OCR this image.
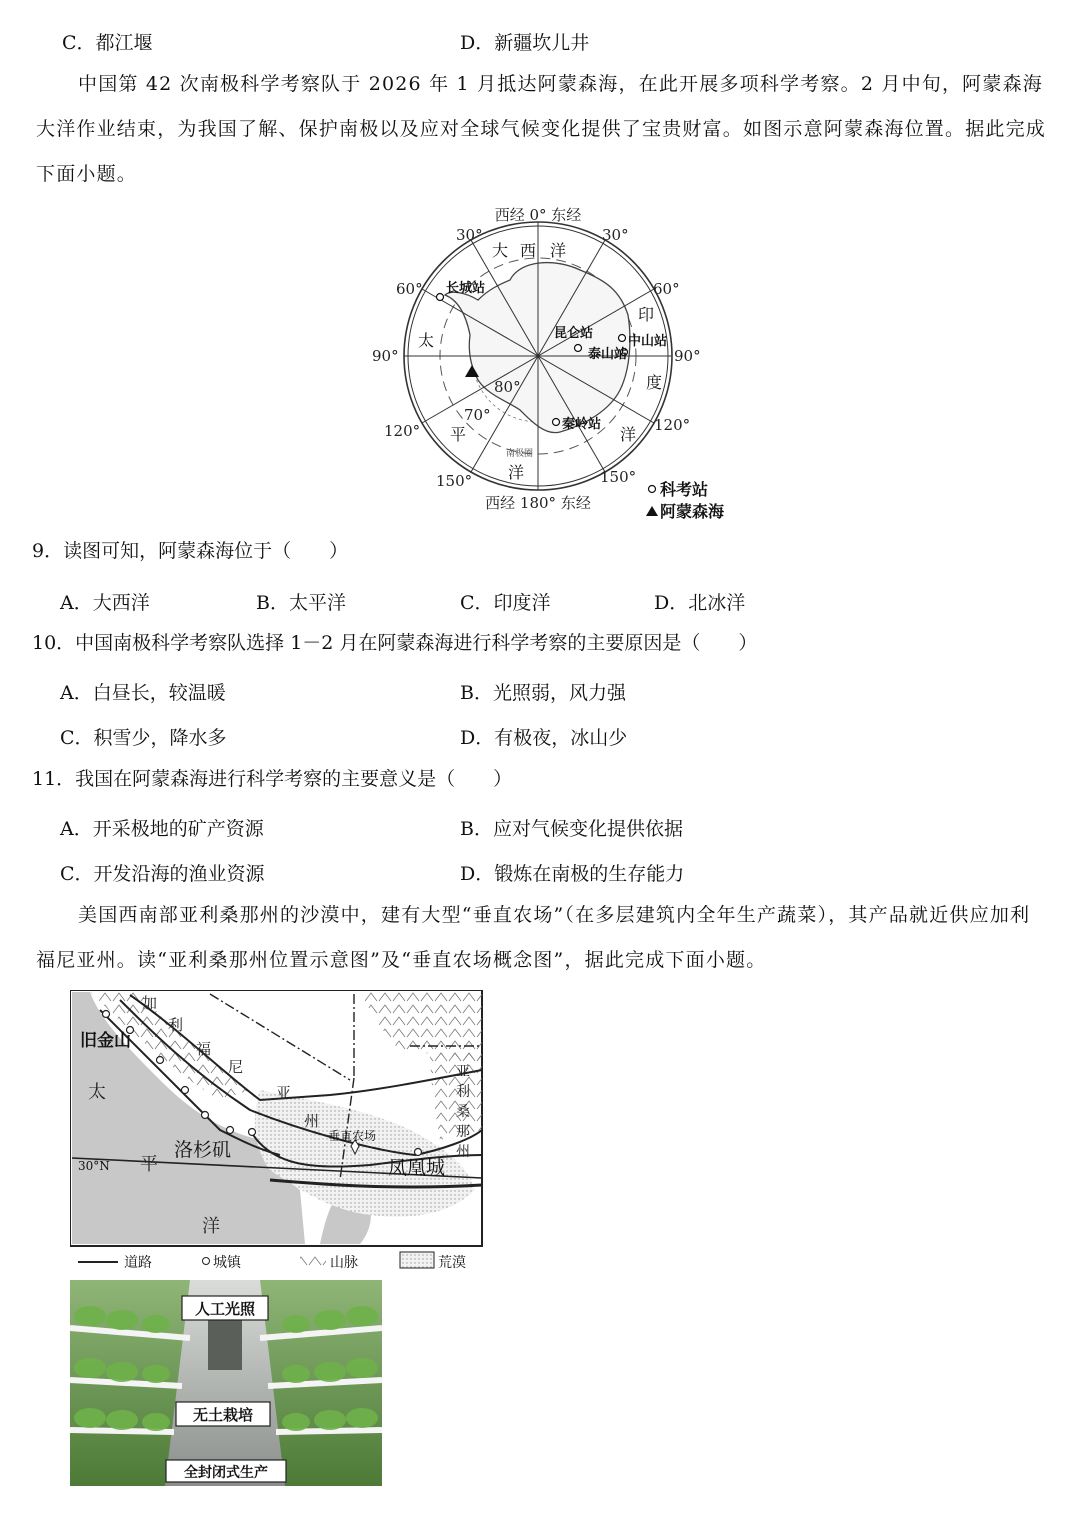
C．都江堰	D．新疆坎儿井
中国第 42 次南极科学考察队于 2026 年 1 月抵达阿蒙森海，在此开展多项科学考察。2 月中旬，阿蒙森海大洋作业结束，为我国了解、保护南极以及应对全球气候变化提供了宝贵财富。如图示意阿蒙森海位置。据此完成下面小题。
西经 0° 东经
西经 180° 东经
30°	30°
60°	60°
90°	90°
120°	120°
150°	150°
80°
70°
南极圈
大 西 洋
太
平
洋
印
度
洋
长城站
昆仑站
中山站
泰山站
秦岭站
科考站
阿蒙森海
9．读图可知，阿蒙森海位于（　　）
A．大西洋	B．太平洋	C．印度洋	D．北冰洋
10．中国南极科学考察队选择 1－2 月在阿蒙森海进行科学考察的主要原因是（　　）
A．白昼长，较温暖	B．光照弱，风力强
C．积雪少，降水多	D．有极夜，冰山少
11．我国在阿蒙森海进行科学考察的主要意义是（　　）
A．开采极地的矿产资源	B．应对气候变化提供依据
C．开发沿海的渔业资源	D．锻炼在南极的生存能力
美国西南部亚利桑那州的沙漠中，建有大型“垂直农场”（在多层建筑内全年生产蔬菜），其产品就近供应加利福尼亚州。读“亚利桑那州位置示意图”及“垂直农场概念图”，据此完成下面小题。
旧金山
洛杉矶
凤凰城
垂直农场
加
利
福
尼
亚
州
亚
利
桑
那
州
太
平
洋
30°N
道路	城镇	山脉	荒漠
人工光照
无土栽培
全封闭式生产
